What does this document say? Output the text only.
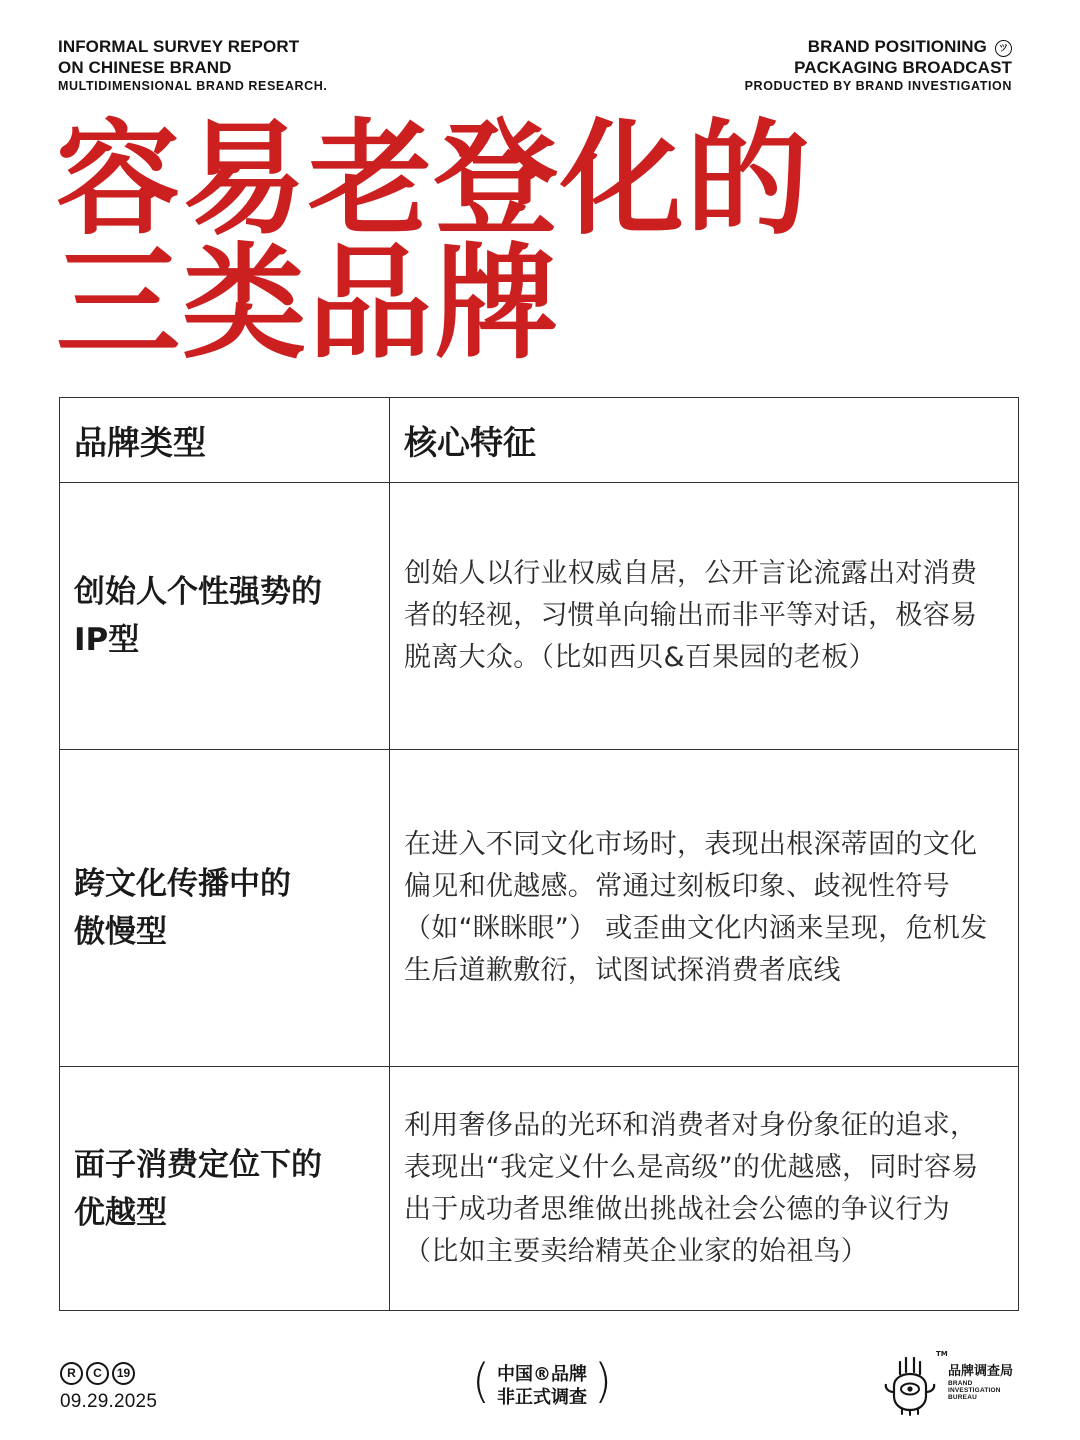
INFORMAL SURVEY REPORT
ON CHINESE BRAND
MULTIDIMENSIONAL BRAND RESEARCH.
BRAND POSITIONING ツ
PACKAGING BROADCAST
PRODUCTED BY BRAND INVESTIGATION
容易老登化的
三类品牌
品牌类型	核心特征

创始人个性强势的
IP型	创始人以行业权威自居，公开言论流露出对消费者的轻视，习惯单向输出而非平等对话，极容易脱离大众。（比如西贝&百果园的老板）

跨文化传播中的
傲慢型	在进入不同文化市场时，表现出根深蒂固的文化偏见和优越感。常通过刻板印象、歧视性符号（如“眯眯眼”） 或歪曲文化内涵来呈现，危机发生后道歉敷衍，试图试探消费者底线

面子消费定位下的
优越型	利用奢侈品的光环和消费者对身份象征的追求，表现出“我定义什么是高级”的优越感，同时容易出于成功者思维做出挑战社会公德的争议行为（比如主要卖给精英企业家的始祖鸟）
R	C	19
09.29.2025	( 中国®品牌
非正式调查 )	TM
品牌调查局
BRAND
INVESTIGATION
BUREAU
